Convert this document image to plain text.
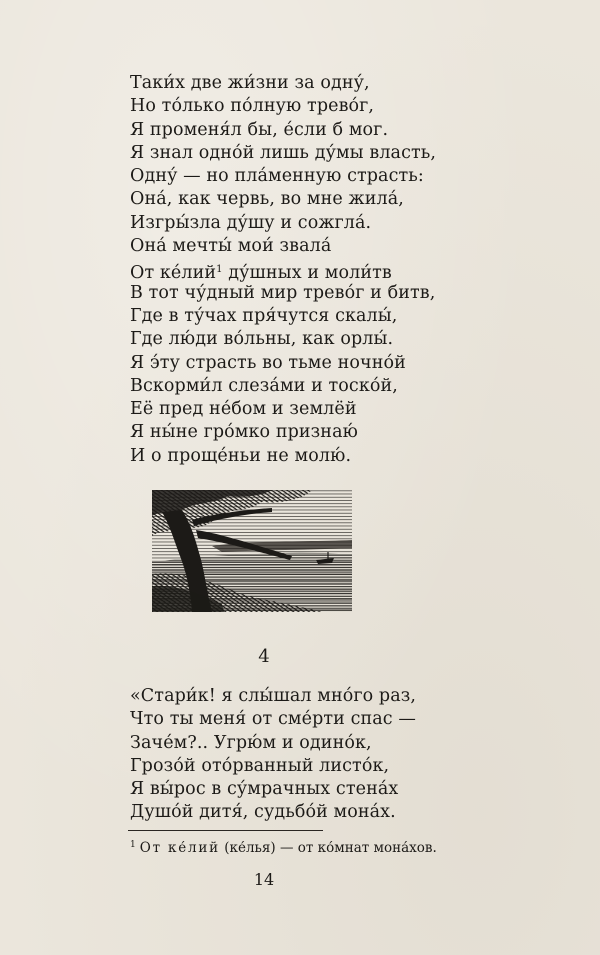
Таки́х две жи́зни за одну́,
Но то́лько по́лную трево́г,
Я променя́л бы, е́сли б мог.
Я знал одно́й лишь ду́мы власть,
Одну́ — но пла́менную страсть:
Она́, как червь, во мне жила́,
Изгры́зла ду́шу и сожгла́.
Она́ мечты́ мои́ звала́
От ке́лий$^1$ ду́шных и моли́тв
В тот чу́дный мир трево́г и битв,
Где в ту́чах пря́чутся скалы́,
Где лю́ди во́льны, как орлы́.
Я э́ту страсть во тьме ночно́й
Вскорми́л слеза́ми и тоско́й,
Её пред не́бом и землёй
Я ны́не гро́мко признаю́
И о проще́ньи не молю́.
4
«Стари́к! я слы́шал мно́го раз,
Что ты меня́ от сме́рти спас —
Заче́м?.. Угрю́м и одино́к,
Грозо́й ото́рванный листо́к,
Я вы́рос в су́мрачных стена́х
Душо́й дитя́, судьбо́й мона́х.
$^1$ От ке́лий (ке́лья) — от ко́мнат мона́хов.
14
